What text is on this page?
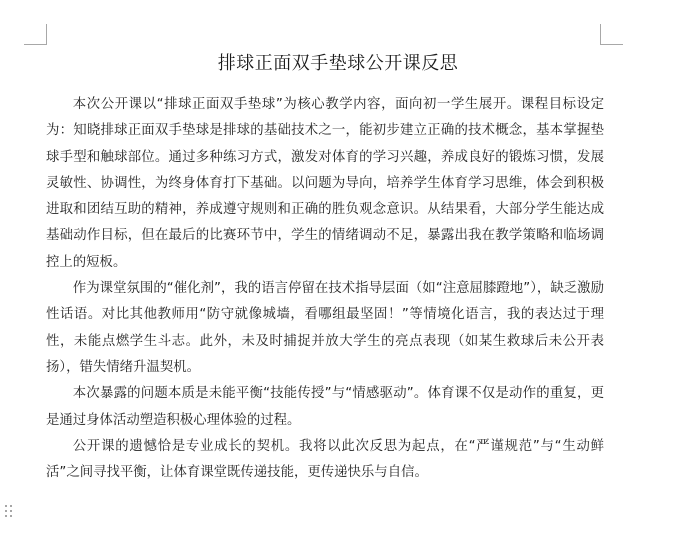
排球正面双手垫球公开课反思

本次公开课以“排球正面双手垫球”为核心教学内容，面向初一学生展开。课程目标设定为：知晓排球正面双手垫球是排球的基础技术之一，能初步建立正确的技术概念，基本掌握垫球手型和触球部位。通过多种练习方式，激发对体育的学习兴趣，养成良好的锻炼习惯，发展灵敏性、协调性，为终身体育打下基础。以问题为导向，培养学生体育学习思维，体会到积极进取和团结互助的精神，养成遵守规则和正确的胜负观念意识。从结果看，大部分学生能达成基础动作目标，但在最后的比赛环节中，学生的情绪调动不足，暴露出我在教学策略和临场调控上的短板。

作为课堂氛围的“催化剂”，我的语言停留在技术指导层面（如“注意屈膝蹬地”），缺乏激励性话语。对比其他教师用“防守就像城墙，看哪组最坚固！”等情境化语言，我的表达过于理性，未能点燃学生斗志。此外，未及时捕捉并放大学生的亮点表现（如某生救球后未公开表扬），错失情绪升温契机。

本次暴露的问题本质是未能平衡“技能传授”与“情感驱动”。体育课不仅是动作的重复，更是通过身体活动塑造积极心理体验的过程。

公开课的遗憾恰是专业成长的契机。我将以此次反思为起点，在“严谨规范”与“生动鲜活”之间寻找平衡，让体育课堂既传递技能，更传递快乐与自信。
